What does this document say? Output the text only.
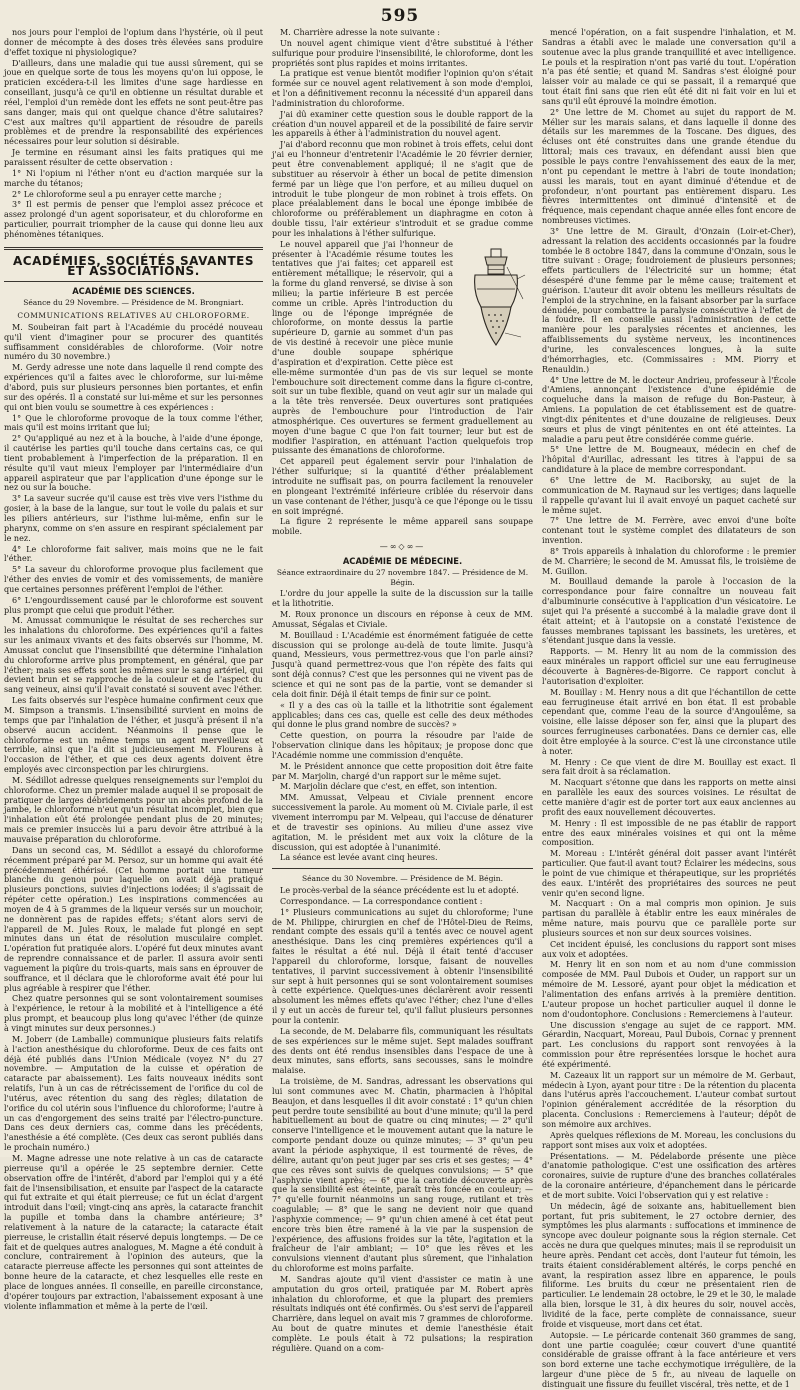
595

nos jours pour l'emploi de l'opium dans l'hystérie, où il peut donner de mécompte à des doses très élevées sans produire d'effet toxique ni physiologique?

D'ailleurs, dans une maladie qui tue aussi sûrement, qui se joue en quelque sorte de tous les moyens qu'on lui oppose, le praticien excédera-t-il les limites d'une sage hardiesse en conseillant, jusqu'à ce qu'il en obtienne un résultat durable et réel, l'emploi d'un remède dont les effets ne sont peut-être pas sans danger, mais qui ont quelque chance d'être salutaires? C'est aux maîtres qu'il appartient de résoudre de pareils problèmes et de prendre la responsabilité des expériences nécessaires pour leur solution si désirable.

Je termine en résumant ainsi les faits pratiques qui me paraissent résulter de cette observation :

1° Ni l'opium ni l'éther n'ont eu d'action marquée sur la marche du tétanos;

2° Le chloroforme seul a pu enrayer cette marche ;

3° Il est permis de penser que l'emploi assez précoce et assez prolongé d'un agent soporisateur, et du chloroforme en particulier, pourrait triompher de la cause qui donne lieu aux phénomènes tétaniques.

ACADÉMIES, SOCIÉTÉS SAVANTES ET ASSOCIATIONS.
ACADÉMIE DES SCIENCES.
Séance du 29 Novembre. — Présidence de M. Brongniart.
COMMUNICATIONS RELATIVES AU CHLOROFORME.

M. Soubeiran fait part à l'Académie du procédé nouveau qu'il vient d'imaginer pour se procurer des quantités suffisamment considérables de chloroforme. (Voir notre numéro du 30 novembre.)

M. Gerdy adresse une note dans laquelle il rend compte des expériences qu'il a faites avec le chloroforme, sur lui-même d'abord, puis sur plusieurs personnes bien portantes, et enfin sur des opérés. Il a constaté sur lui-même et sur les personnes qui ont bien voulu se soumettre à ces expériences :

1° Que le chloroforme provoque de la toux comme l'éther, mais qu'il est moins irritant que lui;

2° Qu'appliqué au nez et à la bouche, à l'aide d'une éponge, il cautérise les parties qu'il touche dans certains cas, ce qui tient probablement à l'imperfection de la préparation. Il en résulte qu'il vaut mieux l'employer par l'intermédiaire d'un appareil aspirateur que par l'application d'une éponge sur le nez ou sur la bouche.

3° La saveur sucrée qu'il cause est très vive vers l'isthme du gosier, à la base de la langue, sur tout le voile du palais et sur les piliers antérieurs, sur l'isthme lui-même, enfin sur le pharynx, comme on s'en assure en respirant spécialement par le nez.

4° Le chloroforme fait saliver, mais moins que ne le fait l'éther.

5° La saveur du chloroforme provoque plus facilement que l'éther des envies de vomir et des vomissements, de manière que certaines personnes préfèrent l'emploi de l'éther.

6° L'engourdissement causé par le chloroforme est souvent plus prompt que celui que produit l'éther.

M. Amussat communique le résultat de ses recherches sur les inhalations du chloroforme. Des expériences qu'il a faites sur les animaux vivants et des faits observés sur l'homme, M. Amussat conclut que l'insensibilité que détermine l'inhalation du chloroforme arrive plus promptement, en général, que par l'éther; mais ses effets sont les mêmes sur le sang artériel, qui devient brun et se rapproche de la couleur et de l'aspect du sang veineux, ainsi qu'il l'avait constaté si souvent avec l'éther.

Les faits observés sur l'espèce humaine confirment ceux que M. Simpson a transmis. L'insensibilité survient en moins de temps que par l'inhalation de l'éther, et jusqu'à présent il n'a observé aucun accident. Néanmoins il pense que le chloroforme est un même temps un agent merveilleux et terrible, ainsi que l'a dit si judicieusement M. Flourens à l'occasion de l'éther, et que ces deux agents doivent être employés avec circonspection par les chirurgiens.

M. Sédillot adresse quelques renseignements sur l'emploi du chloroforme. Chez un premier malade auquel il se proposait de pratiquer de larges débridements pour un abcès profond de la jambe, le chloroforme n'eut qu'un résultat incomplet, bien que l'inhalation eût été prolongée pendant plus de 20 minutes; mais ce premier insuccès lui a paru devoir être attribué à la mauvaise préparation du chloroforme.

Dans un second cas, M. Sédillot a essayé du chloroforme récemment préparé par M. Persoz, sur un homme qui avait été précédemment éthérisé. (Cet homme portait une tumeur blanche du genou pour laquelle on avait déjà pratiqué plusieurs ponctions, suivies d'injections iodées; il s'agissait de répéter cette opération.) Les inspirations commencées au moyen de 4 à 5 grammes de la liqueur versés sur un mouchoir, ne donnèrent pas de rapides effets; s'étant alors servi de l'appareil de M. Jules Roux, le malade fut plongé en sept minutes dans un état de résolution musculaire complet. L'opération fut pratiquée alors. L'opéré fut deux minutes avant de reprendre connaissance et de parler. Il assura avoir senti vaguement la piqûre du trois-quarts, mais sans en éprouver de souffrance, et il déclara que le chloroforme avait été pour lui plus agréable à respirer que l'éther.

Chez quatre personnes qui se sont volontairement soumises à l'expérience, le retour à la mobilité et à l'intelligence a été plus prompt, et beaucoup plus long qu'avec l'éther (de quinze à vingt minutes sur deux personnes.)

M. Joberr (de Lamballe) communique plusieurs faits relatifs à l'action anesthésique du chloroforme. Deux de ces faits ont déjà été publiés dans l'Union Médicale (voyez N° du 27 novembre. — Amputation de la cuisse et opération de cataracte par abaissement). Les faits nouveaux inédits sont relatifs, l'un à un cas de rétrécissement de l'orifice du col de l'utérus, avec rétention du sang des règles; dilatation de l'orifice du col utérin sous l'influence du chloroforme; l'autre à un cas d'engorgement des seins traité par l'électro-puncture. Dans ces deux derniers cas, comme dans les précédents, l'anesthésie a été complète. (Ces deux cas seront publiés dans le prochain numéro.)

M. Magne adresse une note relative à un cas de cataracte pierreuse qu'il a opérée le 25 septembre dernier. Cette observation offre de l'intérêt, d'abord par l'emploi qui y a été fait de l'insensibilisation, et ensuite par l'aspect de la cataracte qui fut extraite et qui était pierreuse; ce fut un éclat d'argent introduit dans l'œil; vingt-cinq ans après, la cataracte franchit la pupille et tomba dans la chambre antérieure; 3° relativement à la nature de la cataracte; la cataracte était pierreuse, le cristallin était réservé depuis longtemps. — De ce fait et de quelques autres analogues, M. Magne a été conduit à conclure, contrairement à l'opinion des auteurs, que la cataracte pierreuse affecte les personnes qui sont atteintes de bonne heure de la cataracte, et chez lesquelles elle reste en place de longues années. Il conseille, en pareille circonstance, d'opérer toujours par extraction, l'abaissement exposant à une violente inflammation et même à la perte de l'œil.

M. Charrière adresse la note suivante :

Un nouvel agent chimique vient d'être substitué à l'éther sulfurique pour produire l'insensibilité, le chloroforme, dont les propriétés sont plus rapides et moins irritantes.

La pratique est venue bientôt modifier l'opinion qu'on s'était formée sur ce nouvel agent relativement à son mode d'emploi, et l'on a définitivement reconnu la nécessité d'un appareil dans l'administration du chloroforme.

J'ai dû examiner cette question sous le double rapport de la création d'un nouvel appareil et de la possibilité de faire servir les appareils à éther à l'administration du nouvel agent.

J'ai d'abord reconnu que mon robinet à trois effets, celui dont j'ai eu l'honneur d'entretenir l'Académie le 20 février dernier, peut être convenablement appliqué; il ne s'agit que de substituer au réservoir à éther un bocal de petite dimension fermé par un liège que l'on perfore, et au milieu duquel on introduit le tube plongeur de mon robinet à trois effets. On place préalablement dans le bocal une éponge imbibée de chloroforme ou préférablement un diaphragme en coton à double tissu, l'air extérieur s'introduit et se gradue comme pour les inhalations à l'éther sulfurique.

Le nouvel appareil que j'ai l'honneur de présenter à l'Académie résume toutes les tentatives que j'ai faites; cet appareil est entièrement métallique; le réservoir, qui a la forme du gland renversé, se divise à son milieu; la partie inférieure B est percée comme un crible. Après l'introduction du linge ou de l'éponge imprégnée de chloroforme, on monte dessus la partie supérieure D, garnie au sommet d'un pas de vis destiné à recevoir une pièce munie d'une double soupape sphérique d'aspiration et d'expiration. Cette pièce est elle-même surmontée d'un pas de vis sur lequel se monte l'embouchure soit directement comme dans la figure ci-contre, soit sur un tube flexible, quand on veut agir sur un malade qui a la tête très renversée. Deux ouvertures sont pratiquées auprès de l'embouchure pour l'introduction de l'air atmosphérique. Ces ouvertures se ferment graduellement au moyen d'une bague C que l'on fait tourner; leur but est de modifier l'aspiration, en atténuant l'action quelquefois trop puissante des émanations de chloroforme.

Cet appareil peut également servir pour l'inhalation de l'éther sulfurique; si la quantité d'éther préalablement introduite ne suffisait pas, on pourra facilement la renouveler en plongeant l'extrémité inférieure criblée du réservoir dans un vase contenant de l'éther, jusqu'à ce que l'éponge ou le tissu en soit imprégné.

La figure 2 représente le même appareil sans soupape mobile.

—∞◇∞—
ACADÉMIE DE MÉDECINE.
Séance extraordinaire du 27 novembre 1847. — Présidence de M. Bégin.

L'ordre du jour appelle la suite de la discussion sur la taille et la lithotritie.

M. Roux prononce un discours en réponse à ceux de MM. Amussat, Ségalas et Civiale.

M. Bouillaud : L'Académie est énormément fatiguée de cette discussion qui se prolonge au-delà de toute limite. Jusqu'à quand, Messieurs, vous permettrez-vous que l'on parle ainsi? Jusqu'à quand permettrez-vous que l'on répète des faits qui sont déjà connus? C'est que les personnes qui ne vivent pas de science et qui ne sont pas de la partie, vont se demander si cela doit finir. Déjà il était temps de finir sur ce point.

« Il y a des cas où la taille et la lithotritie sont également applicables; dans ces cas, quelle est celle des deux méthodes qui donne le plus grand nombre de succès? »

Cette question, on pourra la résoudre par l'aide de l'observation clinique dans les hôpitaux; je propose donc que l'Académie nomme une commission d'enquête.

M. le Président annonce que cette proposition doit être faite par M. Marjolin, chargé d'un rapport sur le même sujet.

M. Marjolin déclare que c'est, en effet, son intention.

MM. Amussat, Velpeau et Civiale prennent encore successivement la parole. Au moment où M. Civiale parle, il est vivement interrompu par M. Velpeau, qui l'accuse de dénaturer et de travestir ses opinions. Au milieu d'une assez vive agitation, M. le président met aux voix la clôture de la discussion, qui est adoptée à l'unanimité.

La séance est levée avant cinq heures.

Séance du 30 Novembre. — Présidence de M. Bégin.

Le procès-verbal de la séance précédente est lu et adopté.

Correspondance. — La correspondance contient :

1° Plusieurs communications au sujet du chloroforme; l'une de M. Philippe, chirurgien en chef de l'Hôtel-Dieu de Reims, rendant compte des essais qu'il a tentés avec ce nouvel agent anesthésique. Dans les cinq premières expériences qu'il a faites le résultat a été nul. Déjà il était tenté d'accuser l'appareil du chloroforme, lorsque, faisant de nouvelles tentatives, il parvint successivement à obtenir l'insensibilité sur sept à huit personnes qui se sont volontairement soumises à cette expérience. Quelques-unes déclarèrent avoir ressenti absolument les mêmes effets qu'avec l'éther; chez l'une d'elles il y eut un accès de fureur tel, qu'il fallut plusieurs personnes pour la contenir.

La seconde, de M. Delabarre fils, communiquant les résultats de ses expériences sur le même sujet. Sept malades souffrant des dents ont été rendus insensibles dans l'espace de une à deux minutes, sans efforts, sans secousses, sans le moindre malaise.

La troisième, de M. Sandras, adressant les observations qui lui sont communes avec M. Chatin, pharmacien à l'hôpital Beaujon, et dans lesquelles il dit avoir constaté : 1° qu'un chien peut perdre toute sensibilité au bout d'une minute; qu'il la perd habituellement au bout de quatre ou cinq minutes; — 2° qu'il conserve l'intelligence et le mouvement autant que la nature le comporte pendant douze ou quinze minutes; — 3° qu'un peu avant la période asphyxique, il est tourmenté de rêves, de délire, autant qu'on peut juger par ses cris et ses gestes; — 4° que ces rêves sont suivis de quelques convulsions; — 5° que l'asphyxie vient après; — 6° que la carotide découverte après que la sensibilité est éteinte, paraît très foncée en couleur; — 7° qu'elle fournit néanmoins un sang rouge, rutilant et très coagulable; — 8° que le sang ne devient noir que quand l'asphyxie commence; — 9° qu'un chien amené à cet état peut encore très bien être ramené à la vie par la suspension de l'expérience, des affusions froides sur la tête, l'agitation et la fraîcheur de l'air ambiant; — 10° que les rêves et les convulsions viennent d'autant plus sûrement, que l'inhalation du chloroforme est moins parfaite.

M. Sandras ajoute qu'il vient d'assister ce matin à une amputation du gros orteil, pratiquée par M. Robert après inhalation du chloroforme, et que la plupart des premiers résultats indiqués ont été confirmés. Ou s'est servi de l'appareil Charrière, dans lequel on avait mis 7 grammes de chloroforme. Au bout de quatre minutes et demie l'anesthésie était complète. Le pouls était à 72 pulsations; la respiration régulière. Quand on a com-

mencé l'opération, on a fait suspendre l'inhalation, et M. Sandras a établi avec le malade une conversation qu'il a soutenue avec la plus grande tranquillité et avec intelligence. Le pouls et la respiration n'ont pas varié du tout. L'opération n'a pas été sentie; et quand M. Sandras s'est éloigné pour laisser voir au malade ce qui se passait, il a remarqué que tout était fini sans que rien eût été dit ni fait voir en lui et sans qu'il eût éprouvé la moindre émotion.

2° Une lettre de M. Chomet au sujet du rapport de M. Mélier sur les marais salans, et dans laquelle il donne des détails sur les maremmes de la Toscane. Des digues, des écluses ont été construites dans une grande étendue du littoral; mais ces travaux, en défendant aussi bien que possible le pays contre l'envahissement des eaux de la mer, n'ont pu cependant le mettre à l'abri de toute inondation; aussi les marais, tout en ayant diminué d'étendue et de profondeur, n'ont pourtant pas entièrement disparu. Les fièvres intermittentes ont diminué d'intensité et de fréquence, mais cependant chaque année elles font encore de nombreuses victimes.

3° Une lettre de M. Girault, d'Onzain (Loir-et-Cher), adressant la relation des accidents occasionnés par la foudre tombée le 8 octobre 1847, dans la commune d'Onzain, sous le titre suivant : Orage; foudroiement de plusieurs personnes; effets particuliers de l'électricité sur un homme; état désespéré d'une femme par le même cause; traitement et guérison. L'auteur dit avoir obtenu les meilleurs résultats de l'emploi de la strychnine, en la faisant absorber par la surface dénudée, pour combattre la paralysie consécutive à l'effet de la foudre. Il en conseille aussi l'administration de cette manière pour les paralysies récentes et anciennes, les affaiblissements du système nerveux, les incontinences d'urine, les convalescences longues, à la suite d'hémorrhagies, etc. (Commissaires : MM. Piorry et Renauldin.)

4° Une lettre de M. le docteur Andrieu, professeur à l'École d'Amiens, annonçant l'existence d'une épidémie de coqueluche dans la maison de refuge du Bon-Pasteur, à Amiens. La population de cet établissement est de quatre-vingt-dix pénitentes et d'une douzaine de religieuses. Deux sœurs et plus de vingt pénitentes en ont été atteintes. La maladie a paru peut être considérée comme guérie.

5° Une lettre de M. Bougneaux, médecin en chef de l'hôpital d'Aurillac, adressant les titres à l'appui de sa candidature à la place de membre correspondant.

6° Une lettre de M. Raciborsky, au sujet de la communication de M. Raynaud sur les vertiges; dans laquelle il rappelle qu'avant lui il avait envoyé un paquet cacheté sur le même sujet.

7° Une lettre de M. Ferrère, avec envoi d'une boîte contenant tout le système complet des dilatateurs de son invention.

8° Trois appareils à inhalation du chloroforme : le premier de M. Charrière; le second de M. Amussat fils, le troisième de M. Guillon.

M. Bouillaud demande la parole à l'occasion de la correspondance pour faire connaître un nouveau fait d'albuminurie consécutive à l'application d'un vésicatoire. Le sujet qui l'a présenté a succombé à la maladie grave dont il était atteint; et à l'autopsie on a constaté l'existence de fausses membranes tapissant les bassinets, les uretères, et s'étendant jusque dans la vessie.

Rapports. — M. Henry lit au nom de la commission des eaux minérales un rapport officiel sur une eau ferrugineuse découverte à Bagnères-de-Bigorre. Ce rapport conclut à l'autorisation d'exploiter.

M. Bouillay : M. Henry nous a dit que l'échantillon de cette eau ferrugineuse était arrivé en bon état. Il est probable cependant que, comme l'eau de la source d'Angoulême, sa voisine, elle laisse déposer son fer, ainsi que la plupart des sources ferrugineuses carbonatées. Dans ce dernier cas, elle doit être employée à la source. C'est là une circonstance utile à noter.

M. Henry : Ce que vient de dire M. Bouillay est exact. Il sera fait droit à sa réclamation.

M. Nacquart s'étonne que dans les rapports on mette ainsi en parallèle les eaux des sources voisines. Le résultat de cette manière d'agir est de porter tort aux eaux anciennes au profit des eaux nouvellement découvertes.

M. Henry : Il est impossible de ne pas établir de rapport entre des eaux minérales voisines et qui ont la même composition.

M. Moreau : L'intérêt général doit passer avant l'intérêt particulier. Que faut-il avant tout? Éclairer les médecins, sous le point de vue chimique et thérapeutique, sur les propriétés des eaux. L'intérêt des propriétaires des sources ne peut venir qu'en second ligne.

M. Nacquart : On a mal compris mon opinion. Je suis partisan du parallèle à établir entre les eaux minérales de même nature, mais pourvu que ce parallèle porte sur plusieurs sources et non sur deux sources voisines.

Cet incident épuisé, les conclusions du rapport sont mises aux voix et adoptées.

M. Henry lit en son nom et au nom d'une commission composée de MM. Paul Dubois et Ouder, un rapport sur un mémoire de M. Lessoré, ayant pour objet la médication et l'alimentation des enfans arrivés à la première dentition. L'auteur propose un hochet particulier auquel il donne le nom d'oudontophore. Conclusions : Remerciemens à l'auteur.

Une discussion s'engage au sujet de ce rapport. MM. Gérardin, Nacquart, Moreau, Paul Dubois, Cornac y prennent part. Les conclusions du rapport sont renvoyées à la commission pour être représentées lorsque le hochet aura été expérimenté.

M. Cazeaux lit un rapport sur un mémoire de M. Gerbaut, médecin à Lyon, ayant pour titre : De la rétention du placenta dans l'utérus après l'accouchement. L'auteur combat surtout l'opinion généralement accréditée de la résorption du placenta. Conclusions : Remerciemens à l'auteur; dépôt de son mémoire aux archives.

Après quelques réflexions de M. Moreau, les conclusions du rapport sont mises aux voix et adoptées.

Présentations. — M. Pédelaborde présente une pièce d'anatomie pathologique. C'est une ossification des artères coronaires, suivie de rupture d'une des branches collatérales de la coronaire antérieure, d'épanchement dans le péricarde et de mort subite. Voici l'observation qui y est relative :

Un médecin, âgé de soixante ans, habituellement bien portant, fut pris subitement, le 27 octobre dernier, des symptômes les plus alarmants : suffocations et imminence de syncope avec douleur poignante sous la région sternale. Cet accès ne dura que quelques minutes; mais il se reproduisit un heure après. Pendant cet accès, dont l'auteur fut témoin, les traits étaient considérablement altérés, le corps penché en avant, la respiration assez libre en apparence, le pouls filiforme. Les bruits du cœur ne présentaient rien de particulier. Le lendemain 28 octobre, le 29 et le 30, le malade alla bien, lorsque le 31, à dix heures du soir, nouvel accès, lividité de la face, perte complète de connaissance, sueur froide et visqueuse, mort dans cet état.

Autopsie. — Le péricarde contenait 360 grammes de sang, dont une partie coagulée; cœur couvert d'une quantité considérable de graisse offrant à la face antérieure et vers son bord externe une tache ecchymotique irrégulière, de la largeur d'une pièce de 5 fr., au niveau de laquelle on distinguait une fissure du feuillet viscéral, très nette, et de 1
